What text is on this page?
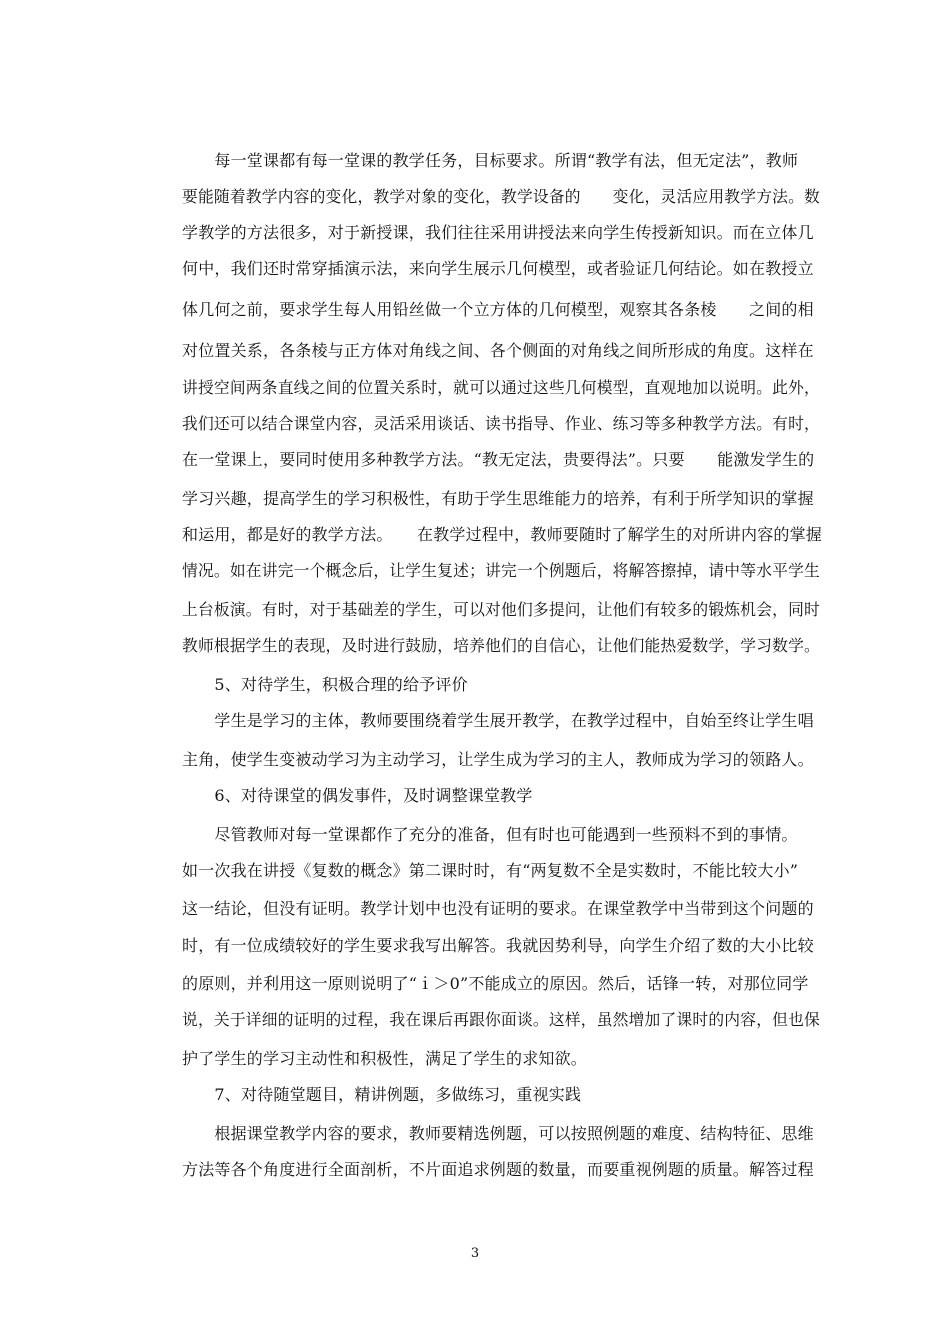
　　每一堂课都有每一堂课的教学任务，目标要求。所谓“教学有法，但无定法”，教师
要能随着教学内容的变化，教学对象的变化，教学设备的　　变化，灵活应用教学方法。数
学教学的方法很多，对于新授课，我们往往采用讲授法来向学生传授新知识。而在立体几
何中，我们还时常穿插演示法，来向学生展示几何模型，或者验证几何结论。如在教授立
体几何之前，要求学生每人用铅丝做一个立方体的几何模型，观察其各条棱　　之间的相
对位置关系，各条棱与正方体对角线之间、各个侧面的对角线之间所形成的角度。这样在
讲授空间两条直线之间的位置关系时，就可以通过这些几何模型，直观地加以说明。此外，
我们还可以结合课堂内容，灵活采用谈话、读书指导、作业、练习等多种教学方法。有时，
在一堂课上，要同时使用多种教学方法。“教无定法，贵要得法”。只要　　能激发学生的
学习兴趣，提高学生的学习积极性，有助于学生思维能力的培养，有利于所学知识的掌握
和运用，都是好的教学方法。　　在教学过程中，教师要随时了解学生的对所讲内容的掌握
情况。如在讲完一个概念后，让学生复述；讲完一个例题后，将解答擦掉，请中等水平学生
上台板演。有时，对于基础差的学生，可以对他们多提问，让他们有较多的锻炼机会，同时
教师根据学生的表现，及时进行鼓励，培养他们的自信心，让他们能热爱数学，学习数学。
　　5、对待学生，积极合理的给予评价
　　学生是学习的主体，教师要围绕着学生展开教学，在教学过程中，自始至终让学生唱
主角，使学生变被动学习为主动学习，让学生成为学习的主人，教师成为学习的领路人。
　　6、对待课堂的偶发事件，及时调整课堂教学
　　尽管教师对每一堂课都作了充分的准备，但有时也可能遇到一些预料不到的事情。
如一次我在讲授《复数的概念》第二课时时，有“两复数不全是实数时，不能比较大小”
这一结论，但没有证明。教学计划中也没有证明的要求。在课堂教学中当带到这个问题的
时，有一位成绩较好的学生要求我写出解答。我就因势利导，向学生介绍了数的大小比较
的原则，并利用这一原则说明了“ｉ＞0”不能成立的原因。然后，话锋一转，对那位同学
说，关于详细的证明的过程，我在课后再跟你面谈。这样，虽然增加了课时的内容，但也保
护了学生的学习主动性和积极性，满足了学生的求知欲。
　　7、对待随堂题目，精讲例题，多做练习，重视实践
　　根据课堂教学内容的要求，教师要精选例题，可以按照例题的难度、结构特征、思维
方法等各个角度进行全面剖析，不片面追求例题的数量，而要重视例题的质量。解答过程
3
